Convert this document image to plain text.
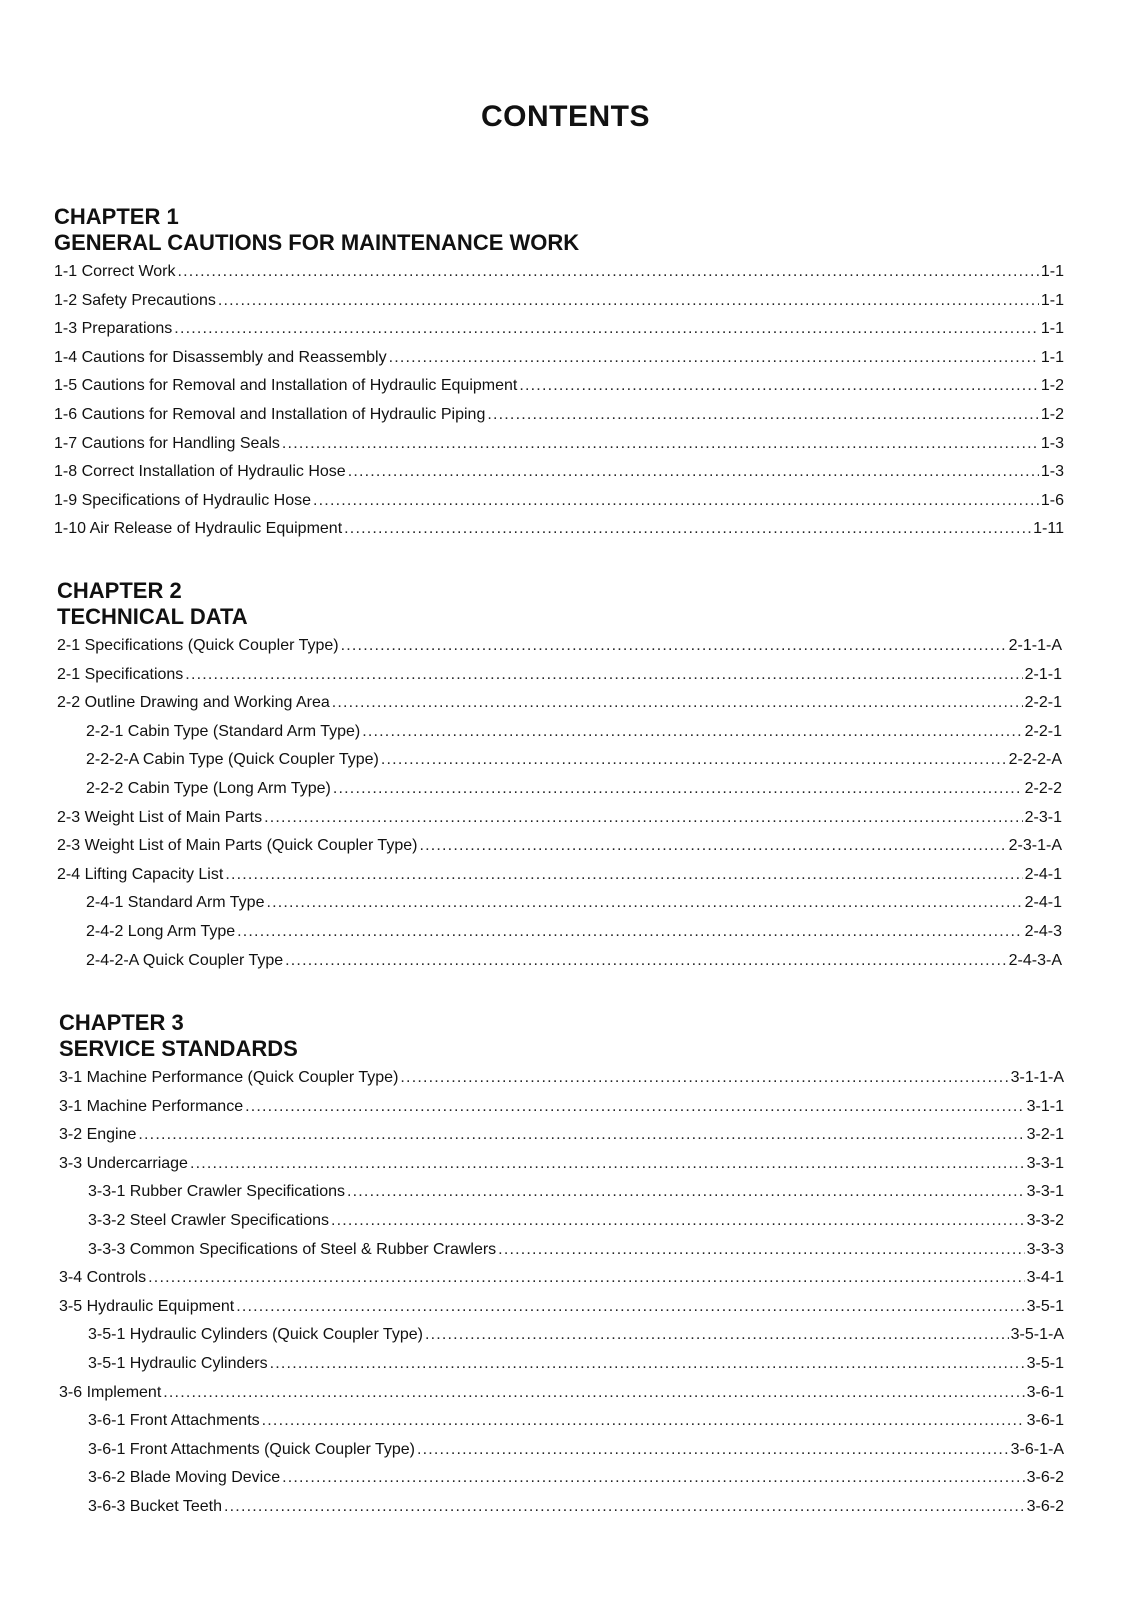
CONTENTS
CHAPTER 1
GENERAL CAUTIONS FOR MAINTENANCE WORK
1-1 Correct Work .....	1-1
1-2 Safety Precautions .....	1-1
1-3 Preparations .....	1-1
1-4 Cautions for Disassembly and Reassembly .....	1-1
1-5 Cautions for Removal and Installation of Hydraulic Equipment .....	1-2
1-6 Cautions for Removal and Installation of Hydraulic Piping .....	1-2
1-7 Cautions for Handling Seals .....	1-3
1-8 Correct Installation of Hydraulic Hose .....	1-3
1-9 Specifications of Hydraulic Hose .....	1-6
1-10 Air Release of Hydraulic Equipment .....	1-11
CHAPTER 2
TECHNICAL DATA
2-1 Specifications (Quick Coupler Type) .....	2-1-1-A
2-1 Specifications .....	2-1-1
2-2 Outline Drawing and Working Area .....	2-2-1
2-2-1 Cabin Type (Standard Arm Type) .....	2-2-1
2-2-2-A Cabin Type (Quick Coupler Type) .....	2-2-2-A
2-2-2 Cabin Type (Long Arm Type) .....	2-2-2
2-3 Weight List of Main Parts .....	2-3-1
2-3 Weight List of Main Parts (Quick Coupler Type) .....	2-3-1-A
2-4 Lifting Capacity List .....	2-4-1
2-4-1 Standard Arm Type .....	2-4-1
2-4-2 Long Arm Type .....	2-4-3
2-4-2-A Quick Coupler Type .....	2-4-3-A
CHAPTER 3
SERVICE STANDARDS
3-1 Machine Performance (Quick Coupler Type) .....	3-1-1-A
3-1 Machine Performance .....	3-1-1
3-2 Engine .....	3-2-1
3-3 Undercarriage .....	3-3-1
3-3-1 Rubber Crawler Specifications .....	3-3-1
3-3-2 Steel Crawler Specifications .....	3-3-2
3-3-3 Common Specifications of Steel & Rubber Crawlers .....	3-3-3
3-4 Controls .....	3-4-1
3-5 Hydraulic Equipment .....	3-5-1
3-5-1 Hydraulic Cylinders (Quick Coupler Type) .....	3-5-1-A
3-5-1 Hydraulic Cylinders .....	3-5-1
3-6 Implement .....	3-6-1
3-6-1 Front Attachments .....	3-6-1
3-6-1 Front Attachments (Quick Coupler Type) .....	3-6-1-A
3-6-2 Blade Moving Device .....	3-6-2
3-6-3 Bucket Teeth .....	3-6-2
